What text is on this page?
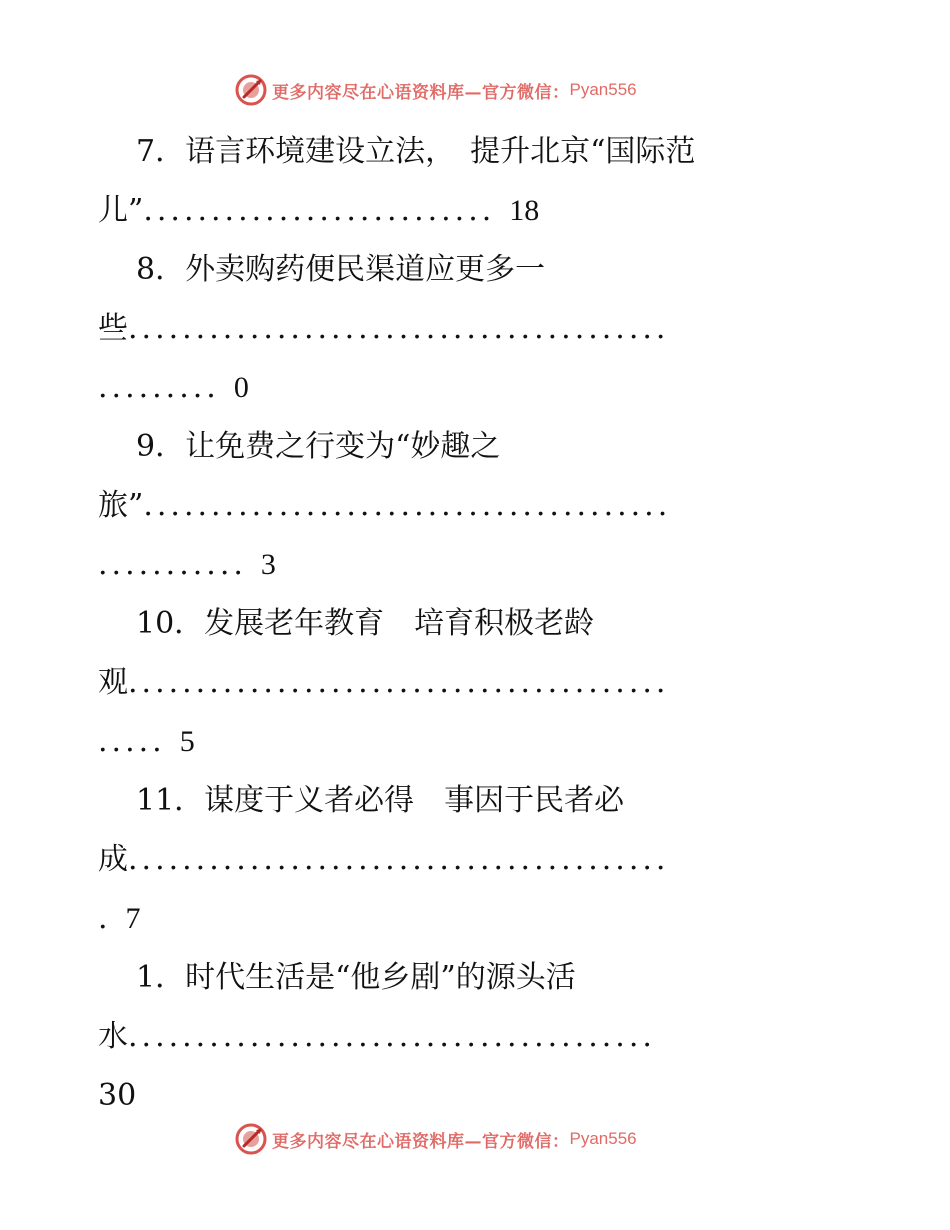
更多内容尽在心语资料库—官方微信： Pyan556
7．语言环境建设立法，　提升北京“国际范
儿”.......................... 18
8．外卖购药便民渠道应更多一
些........................................
......... 0
9．让免费之行变为“妙趣之
旅”.......................................
........... 3
10．发展老年教育　培育积极老龄
观........................................
..... 5
11．谋度于义者必得　事因于民者必
成........................................
. 7
1．时代生活是“他乡剧”的源头活
水.......................................
30
更多内容尽在心语资料库—官方微信： Pyan556
